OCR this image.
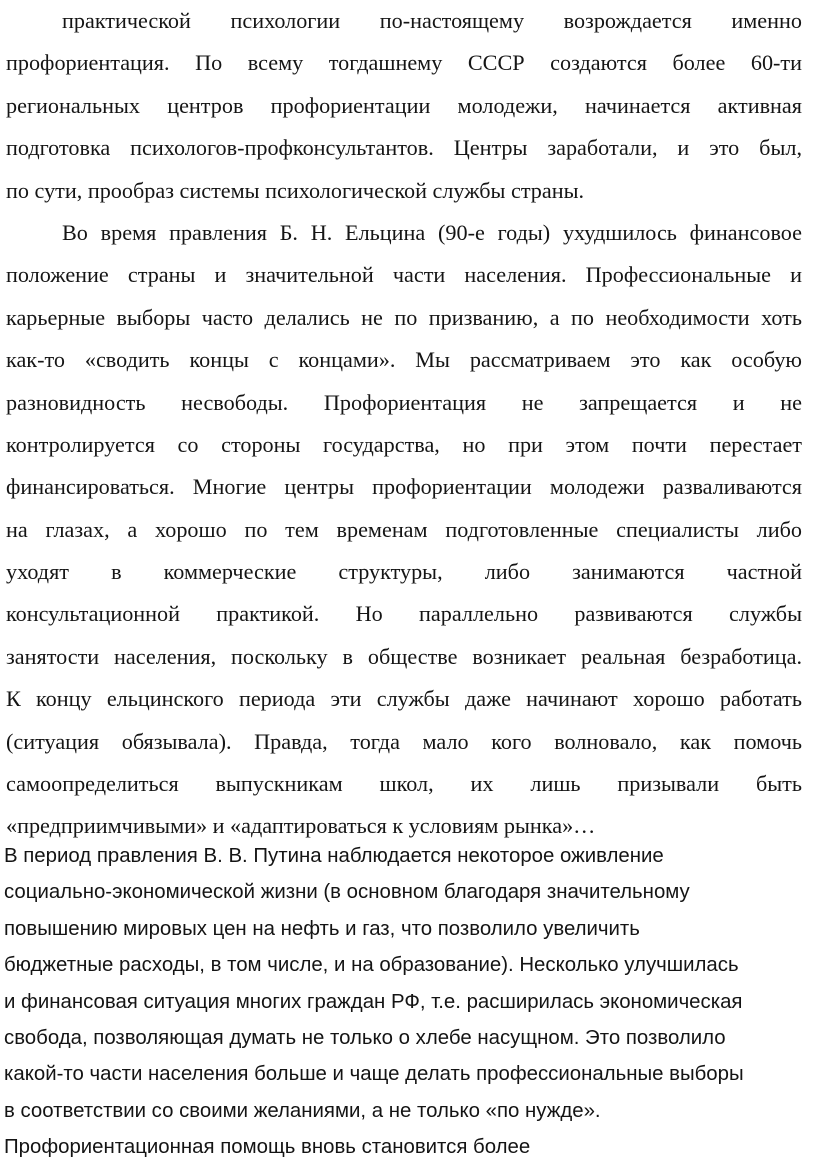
практической психологии по-настоящему возрождается именно
профориентация. По всему тогдашнему СССР создаются более 60-ти
региональных центров профориентации молодежи, начинается активная
подготовка психологов-профконсультантов. Центры заработали, и это был,
по сути, прообраз системы психологической службы страны.
Во время правления Б. Н. Ельцина (90-е годы) ухудшилось финансовое
положение страны и значительной части населения. Профессиональные и
карьерные выборы часто делались не по призванию, а по необходимости хоть
как-то «сводить концы с концами». Мы рассматриваем это как особую
разновидность несвободы. Профориентация не запрещается и не
контролируется со стороны государства, но при этом почти перестает
финансироваться. Многие центры профориентации молодежи разваливаются
на глазах, а хорошо по тем временам подготовленные специалисты либо
уходят в коммерческие структуры, либо занимаются частной
консультационной практикой. Но параллельно развиваются службы
занятости населения, поскольку в обществе возникает реальная безработица.
К концу ельцинского периода эти службы даже начинают хорошо работать
(ситуация обязывала). Правда, тогда мало кого волновало, как помочь
самоопределиться выпускникам школ, их лишь призывали быть
«предприимчивыми» и «адаптироваться к условиям рынка»…
В период правления В. В. Путина наблюдается некоторое оживление
социально-экономической жизни (в основном благодаря значительному
повышению мировых цен на нефть и газ, что позволило увеличить
бюджетные расходы, в том числе, и на образование). Несколько улучшилась
и финансовая ситуация многих граждан РФ, т.е. расширилась экономическая
свобода, позволяющая думать не только о хлебе насущном. Это позволило
какой-то части населения больше и чаще делать профессиональные выборы
в соответствии со своими желаниями, а не только «по нужде».
Профориентационная помощь вновь становится более
